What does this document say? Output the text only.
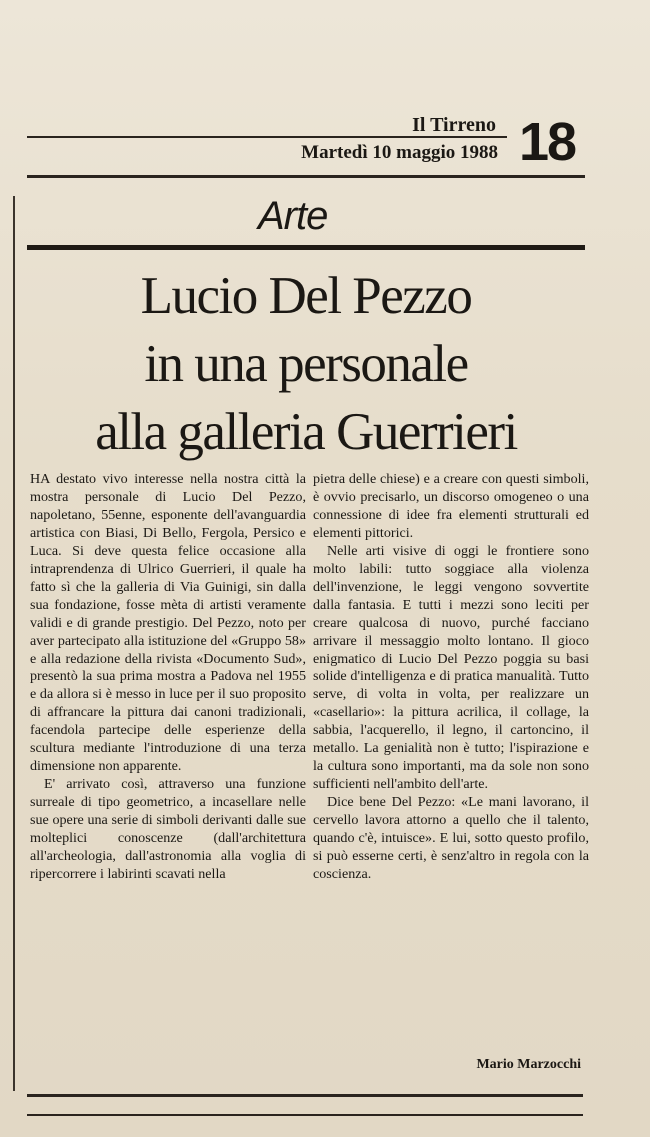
Il Tirreno
Martedì 10 maggio 1988 18
Arte
Lucio Del Pezzo
in una personale
alla galleria Guerrieri

HA destato vivo interesse nella nostra città la mostra personale di Lucio Del Pezzo, napoletano, 55enne, esponente dell'avanguardia artistica con Biasi, Di Bello, Fergola, Persico e Luca. Si deve questa felice occasione alla intraprendenza di Ulrico Guerrieri, il quale ha fatto sì che la galleria di Via Guinigi, sin dalla sua fondazione, fosse mèta di artisti veramente validi e di grande prestigio. Del Pezzo, noto per aver partecipato alla istituzione del «Gruppo 58» e alla redazione della rivista «Documento Sud», presentò la sua prima mostra a Padova nel 1955 e da allora si è messo in luce per il suo proposito di affrancare la pittura dai canoni tradizionali, facendola partecipe delle esperienze della scultura mediante l'introduzione di una terza dimensione non apparente.

E' arrivato così, attraverso una funzione surreale di tipo geometrico, a incasellare nelle sue opere una serie di simboli derivanti dalle sue molteplici conoscenze (dall'architettura all'archeologia, dall'astronomia alla voglia di ripercorrere i labirinti scavati nella

pietra delle chiese) e a creare con questi simboli, è ovvio precisarlo, un discorso omogeneo o una connessione di idee fra elementi strutturali ed elementi pittorici.

Nelle arti visive di oggi le frontiere sono molto labili: tutto soggiace alla violenza dell'invenzione, le leggi vengono sovvertite dalla fantasia. E tutti i mezzi sono leciti per creare qualcosa di nuovo, purché facciano arrivare il messaggio molto lontano. Il gioco enigmatico di Lucio Del Pezzo poggia su basi solide d'intelligenza e di pratica manualità. Tutto serve, di volta in volta, per realizzare un «casellario»: la pittura acrilica, il collage, la sabbia, l'acquerello, il legno, il cartoncino, il metallo. La genialità non è tutto; l'ispirazione e la cultura sono importanti, ma da sole non sono sufficienti nell'ambito dell'arte.

Dice bene Del Pezzo: «Le mani lavorano, il cervello lavora attorno a quello che il talento, quando c'è, intuisce». E lui, sotto questo profilo, si può esserne certi, è senz'altro in regola con la coscienza.

Mario Marzocchi
